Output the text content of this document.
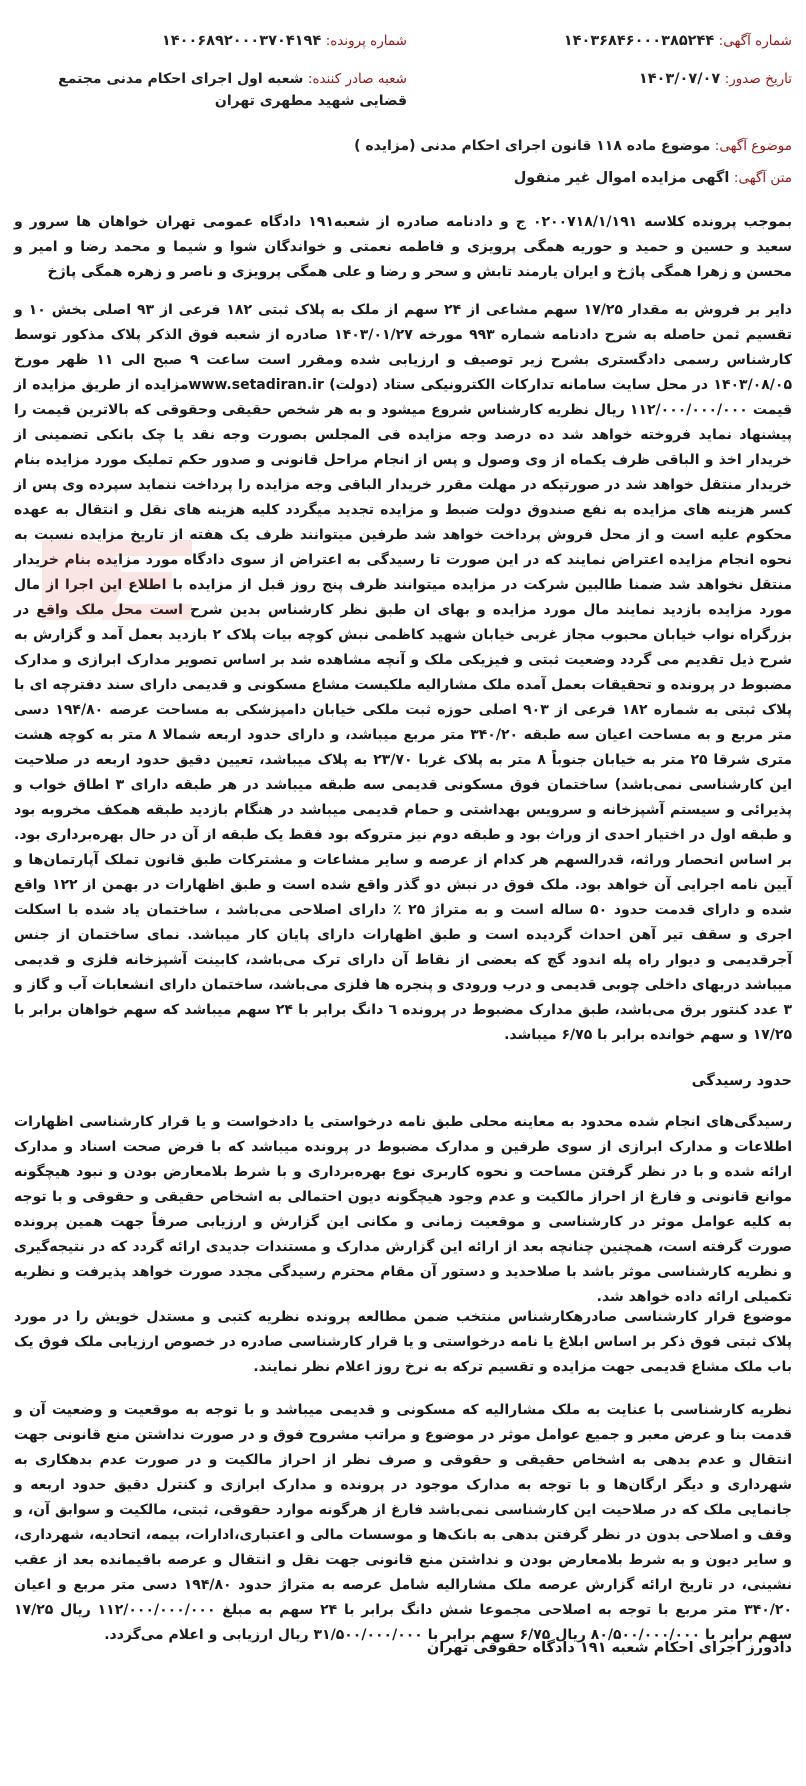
شماره آگهی: ۱۴۰۳۶۸۴۶۰۰۰۳۸۵۲۴۴
شماره پرونده: ۱۴۰۰۶۸۹۲۰۰۰۳۷۰۴۱۹۴
تاریخ صدور: ۱۴۰۳/۰۷/۰۷
شعبه صادر کننده: شعبه اول اجرای احکام مدنی مجتمع قضایی شهید مطهری تهران
موضوع آگهی: موضوع ماده ۱۱۸ قانون اجرای احکام مدنی (مزایده )
متن آگهی: اگهی مزایده اموال غیر منقول
بموجب پرونده کلاسه ۰۲۰۰۷۱۸/۱/۱۹۱ ج و دادنامه صادره از شعبه۱۹۱ دادگاه عمومی تهران خواهان ها سرور و سعید و حسین و حمید و حوریه همگی پرویزی و فاطمه نعمتی و خواندگان شوا و شیما و محمد رضا و امیر و محسن و زهرا همگی پاژخ و ایران یارمند تابش و سحر و رضا و علی همگی پرویزی و ناصر و زهره همگی پاژخ
دایر بر فروش به مقدار ۱۷/۲۵ سهم مشاعی از ۲۴ سهم از ملک به پلاک ثبتی ۱۸۲ فرعی از ۹۳ اصلی بخش ۱۰ و تقسیم ثمن حاصله به شرح دادنامه شماره ۹۹۳ مورخه ۱۴۰۳/۰۱/۲۷ صادره از شعبه فوق الذکر پلاک مذکور توسط کارشناس رسمی دادگستری بشرح زیر توصیف و ارزیابی شده ومقرر است ساعت ۹ صبح الی ۱۱ ظهر مورخ ۱۴۰۳/۰۸/۰۵ در محل سایت سامانه تدارکات الکترونیکی ستاد (دولت) www.setadiran.irمزایده از طریق مزایده از قیمت ۱۱۲/۰۰۰/۰۰۰/۰۰۰ ریال نظریه کارشناس شروع میشود و به هر شخص حقیقی وحقوقی که بالاترین قیمت را پیشنهاد نماید فروخته خواهد شد ده درصد وجه مزایده فی المجلس بصورت وجه نقد یا چک بانکی تضمینی از خریدار اخذ و الباقی ظرف یکماه از وی وصول و پس از انجام مراحل قانونی و صدور حکم تملیک مورد مزایده بنام خریدار منتقل خواهد شد در صورتیکه در مهلت مقرر خریدار الباقی وجه مزایده را پرداخت ننماید سپرده وی پس از کسر هزینه های مزایده به نفع صندوق دولت ضبط و مزایده تجدید میگردد کلیه هزینه های نقل و انتقال به عهده محکوم علیه است و از محل فروش پرداخت خواهد شد طرفین میتوانند ظرف یک هفته از تاریخ مزایده نسبت به نحوه انجام مزایده اعتراض نمایند که در این صورت تا رسیدگی به اعتراض از سوی دادگاه مورد مزایده بنام خریدار منتقل نخواهد شد ضمنا طالبین شرکت در مزایده میتوانند ظرف پنج روز قبل از مزایده با اطلاع این اجرا از مال مورد مزایده بازدید نمایند مال مورد مزایده و بهای ان طبق نظر کارشناس بدین شرح است محل ملک واقع در بزرگراه نواب خیابان محبوب مجاز غربی خیابان شهید کاظمی نبش کوچه بیات پلاک ۲ بازدید بعمل آمد و گزارش به شرح ذیل تقدیم می گردد وضعیت ثبتی و فیزیکی ملک و آنچه مشاهده شد بر اساس تصویر مدارک ابرازی و مدارک مضبوط در پرونده و تحقیقات بعمل آمده ملک مشارالیه ملکیست مشاع مسکونی و قدیمی دارای سند دفترچه ای با پلاک ثبتی به شماره ۱۸۲ فرعی از ۹۰۳ اصلی حوزه ثبت ملکی خیابان دامپزشکی به مساحت عرصه ۱۹۴/۸۰ دسی متر مربع و به مساحت اعیان سه طبقه ۳۴۰/۲۰ متر مربع میباشد، و دارای حدود اربعه شمالا ۸ متر به کوچه هشت متری شرقا ۲۵ متر به خیابان جنوباً ۸ متر به پلاک غربا ۲۳/۷۰ به پلاک میباشد، تعیین دقیق حدود اربعه در صلاحیت این کارشناسی نمی‌باشد) ساختمان فوق مسکونی قدیمی سه طبقه میباشد در هر طبقه دارای ۳ اطاق خواب و پذیرائی و سیستم آشپزخانه و سرویس بهداشتی و حمام قدیمی میباشد در هنگام بازدید طبقه همکف مخروبه بود و طبقه اول در اختیار احدی از وراث بود و طبقه دوم نیز متروکه بود فقط یک طبقه از آن در حال بهره‌برداری بود. بر اساس انحصار وراثه، قدرالسهم هر کدام از عرصه و سایر مشاعات و مشترکات طبق قانون تملک آپارتمان‌ها و آیین نامه اجرایی آن خواهد بود. ملک فوق در نبش دو گذر واقع شده است و طبق اظهارات در بهمن از ۱۲۲ واقع شده و دارای قدمت حدود ۵۰ ساله است و به متراژ ۲۵ ٪ دارای اصلاحی می‌باشد ، ساختمان یاد شده با اسکلت اجری و سقف تیر آهن احداث گردیده است و طبق اظهارات دارای پایان کار میباشد. نمای ساختمان از جنس آجرقدیمی و دیوار راه پله اندود گچ که بعضی از نقاط آن دارای ترک می‌باشد، کابینت آشپزخانه فلزی و قدیمی میباشد دربهای داخلی چوبی قدیمی و درب ورودی و پنجره ها فلزی می‌باشد، ساختمان دارای انشعابات آب و گاز و ۳ عدد کنتور برق می‌باشد، طبق مدارک مضبوط در پرونده ٦ دانگ برابر با ۲۴ سهم میباشد که سهم خواهان برابر با ۱۷/۲۵ و سهم خوانده برابر با ۶/۷۵ میباشد.
حدود رسیدگی
رسیدگی‌های انجام شده محدود به معاینه محلی طبق نامه درخواستی یا دادخواست و یا قرار کارشناسی اظهارات اطلاعات و مدارک ابرازی از سوی طرفین و مدارک مضبوط در پرونده میباشد که با فرض صحت اسناد و مدارک ارائه شده و با در نظر گرفتن مساحت و نحوه کاربری نوع بهره‌برداری و با شرط بلامعارض بودن و نبود هیچگونه موانع قانونی و فارغ از احراز مالکیت و عدم وجود هیچگونه دیون احتمالی به اشخاص حقیقی و حقوقی و با توجه به کلیه عوامل موثر در کارشناسی و موقعیت زمانی و مکانی این گزارش و ارزیابی صرفاً جهت همین پرونده صورت گرفته است، همچنین چنانچه بعد از ارائه این گزارش مدارک و مستندات جدیدی ارائه گردد که در نتیجه‌گیری و نظریه کارشناسی موثر باشد با صلاحدید و دستور آن مقام محترم رسیدگی مجدد صورت خواهد پذیرفت و نظریه تکمیلی ارائه داده خواهد شد.
موضوع قرار کارشناسی صادرهکارشناس منتخب ضمن مطالعه پرونده نظریه کتبی و مستدل خویش را در مورد پلاک ثبتی فوق ذکر بر اساس ابلاغ یا نامه درخواستی و یا قرار کارشناسی صادره در خصوص ارزیابی ملک فوق یک باب ملک مشاع قدیمی جهت مزایده و تقسیم ترکه به نرخ روز اعلام نظر نمایند.
نظریه کارشناسی با عنایت به ملک مشارالیه که مسکونی و قدیمی میباشد و با توجه به موقعیت و وضعیت آن و قدمت بنا و عرض معبر و جمیع عوامل موثر در موضوع و مراتب مشروح فوق و در صورت نداشتن منع قانونی جهت انتقال و عدم بدهی به اشخاص حقیقی و حقوقی و صرف نظر از احراز مالکیت و در صورت عدم بدهکاری به شهرداری و دیگر ارگان‌ها و با توجه به مدارک موجود در پرونده و مدارک ابرازی و کنترل دقیق حدود اربعه و جانمایی ملک که در صلاحیت این کارشناسی نمی‌باشد فارغ از هرگونه موارد حقوقی، ثبتی، مالکیت و سوابق آن، و وقف و اصلاحی بدون در نظر گرفتن بدهی به بانک‌ها و موسسات مالی و اعتباری،ادارات، بیمه، اتحادیه، شهرداری، و سایر دیون و به شرط بلامعارض بودن و نداشتن منع قانونی جهت نقل و انتقال و عرصه باقیمانده بعد از عقب نشینی، در تاریخ ارائه گزارش عرصه ملک مشارالیه شامل عرصه به متراژ حدود ۱۹۴/۸۰ دسی متر مربع و اعیان ۳۴۰/۲۰ متر مربع با توجه به اصلاحی مجموعا شش دانگ برابر با ۲۴ سهم به مبلغ ۱۱۲/۰۰۰/۰۰۰/۰۰۰ ریال ۱۷/۲۵ سهم برابر با ۸۰/۵۰۰/۰۰۰/۰۰۰ ریال ۶/۷۵ سهم برابر با ۳۱/۵۰۰/۰۰۰/۰۰۰ ریال ارزیابی و اعلام می‌گردد.
دادورز اجرای احکام شعبه ۱۹۱ دادگاه حقوقی تهران
